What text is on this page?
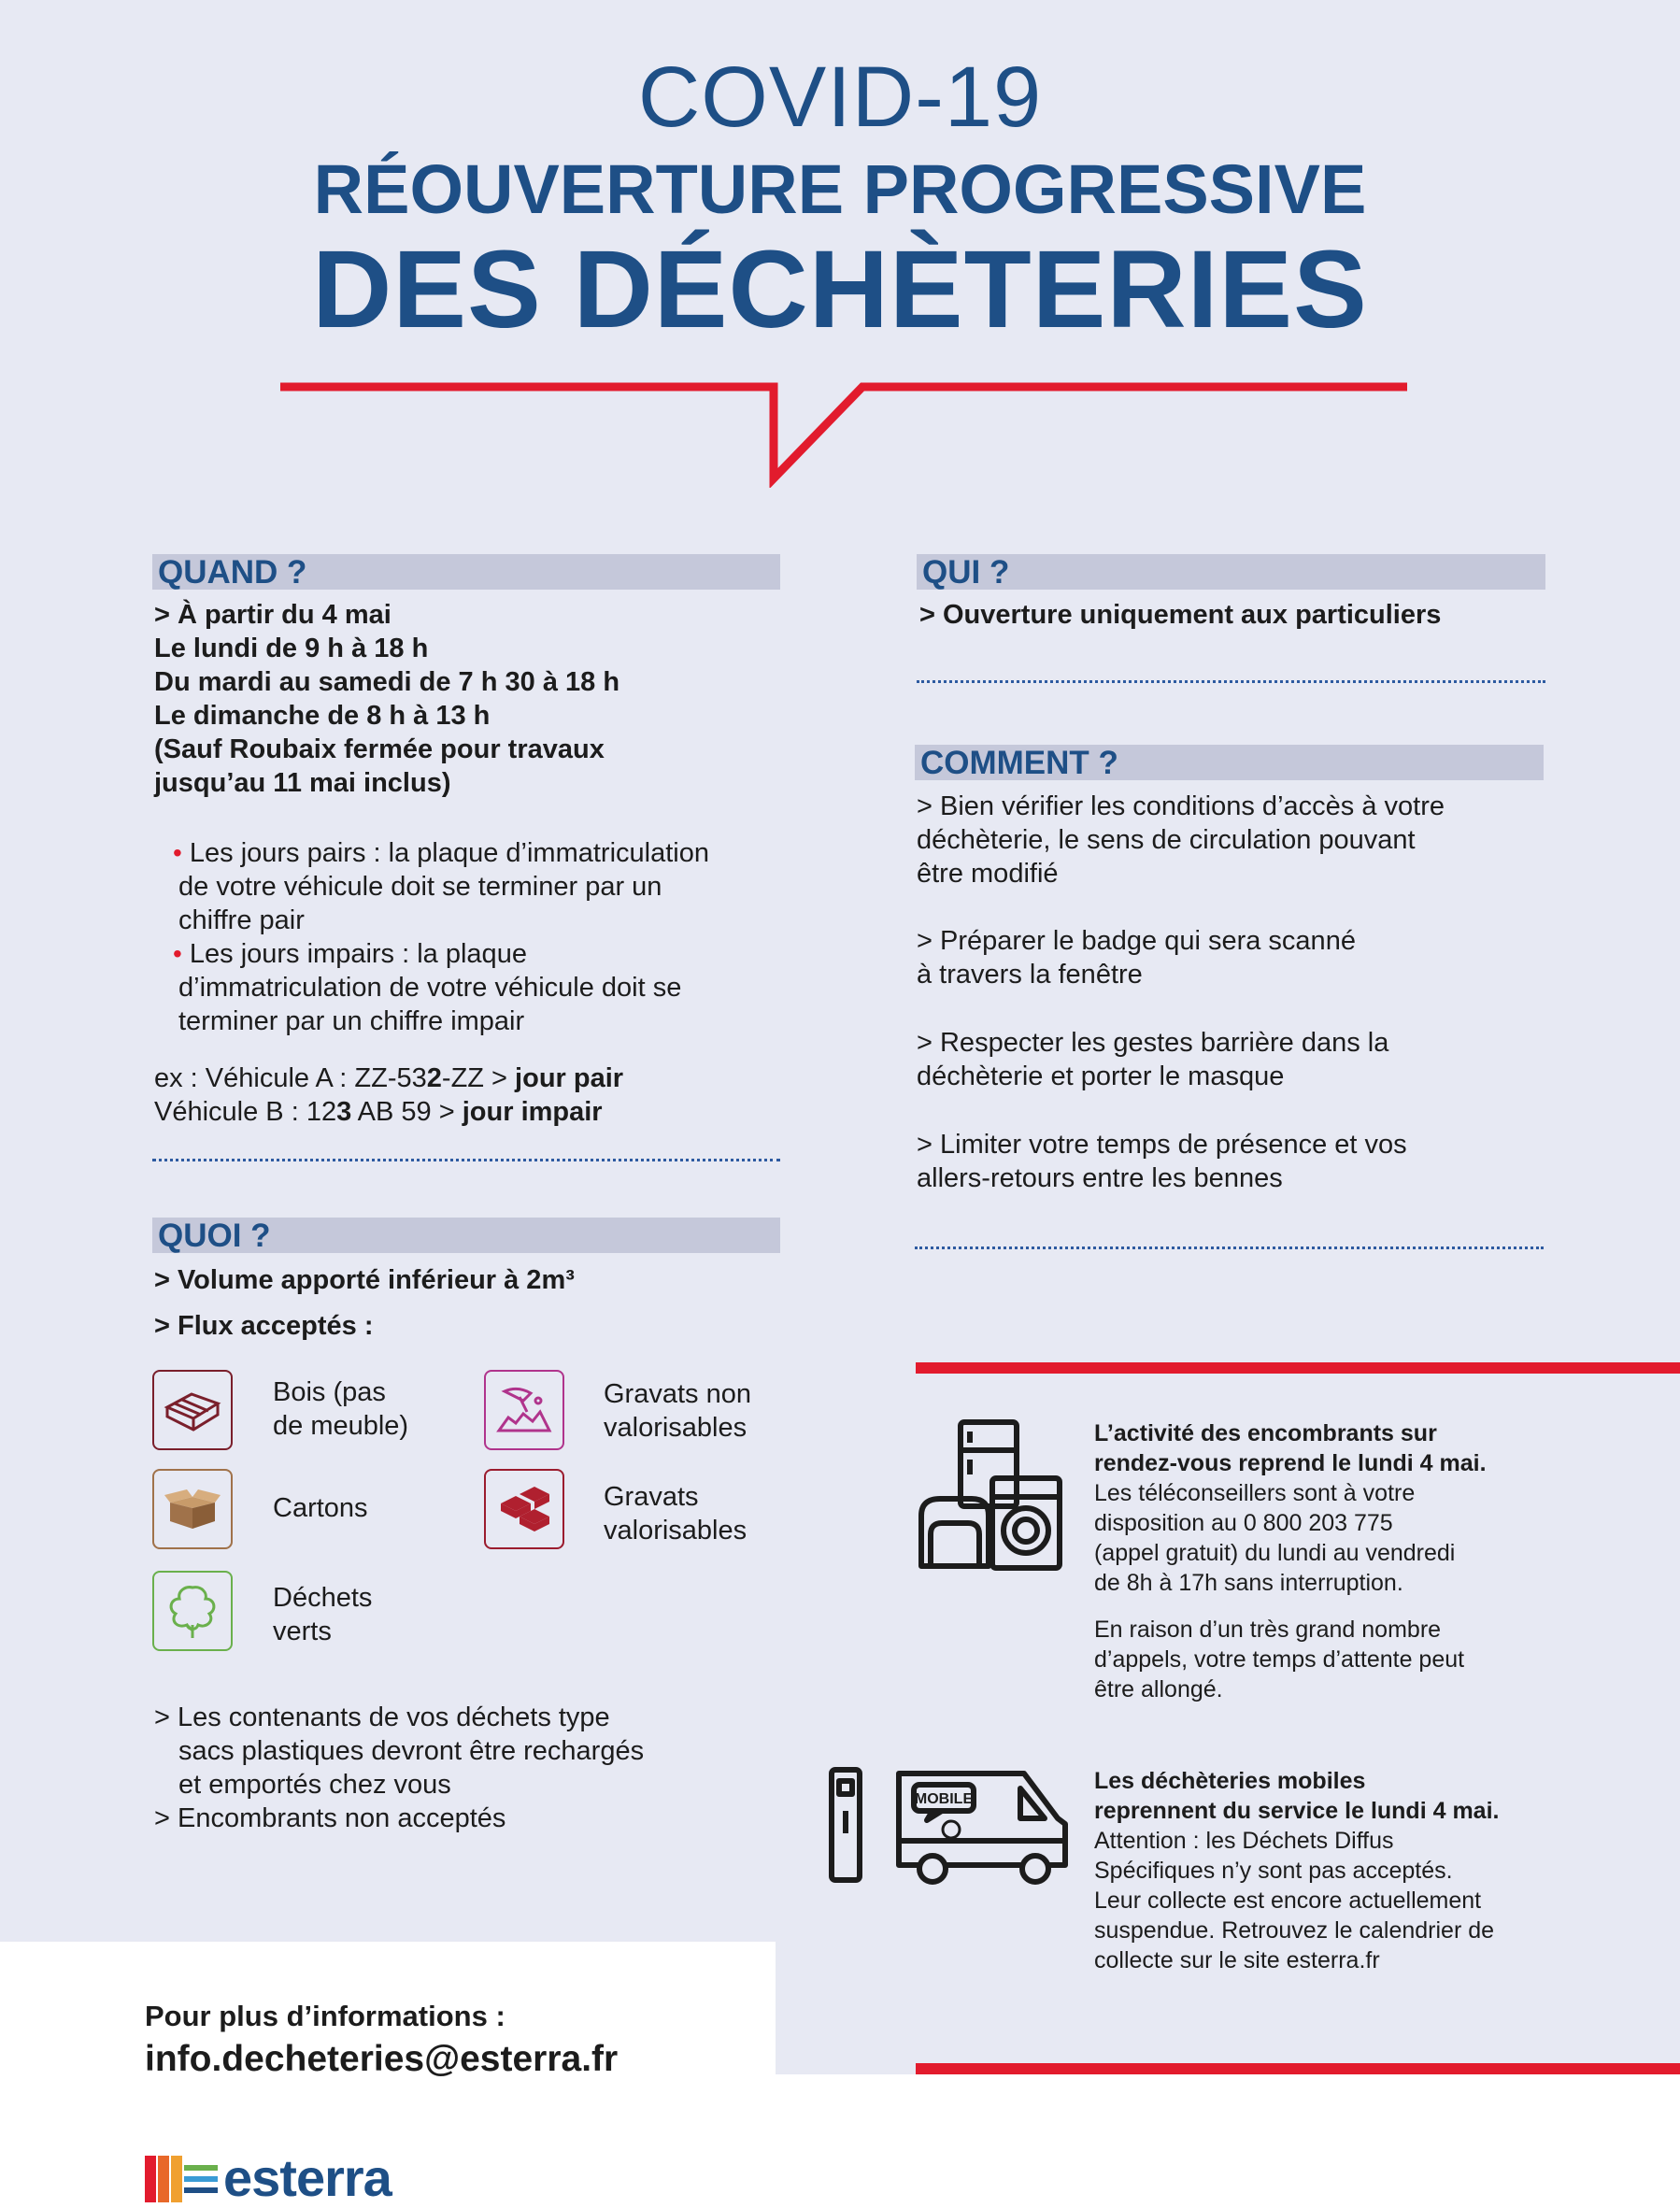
COVID-19
RÉOUVERTURE PROGRESSIVE
DES DÉCHÈTERIES
QUAND ?
> À partir du 4 mai
Le lundi de 9 h à 18 h
Du mardi au samedi de 7 h 30 à 18 h
Le dimanche de 8 h à 13 h
(Sauf Roubaix fermée pour travaux
jusqu’au 11 mai inclus)
• Les jours pairs : la plaque d’immatriculation
de votre véhicule doit se terminer par un
chiffre pair
• Les jours impairs : la plaque
d’immatriculation de votre véhicule doit se
terminer par un chiffre impair
ex : Véhicule A : ZZ-532-ZZ > jour pair
Véhicule B : 123 AB 59 > jour impair
QUOI ?
> Volume apporté inférieur à 2m³
> Flux acceptés :
Bois (pas
de meuble)
Gravats non
valorisables
Cartons	Gravats
valorisables
Déchets
verts
> Les contenants de vos déchets type
sacs plastiques devront être rechargés
et emportés chez vous
> Encombrants non acceptés
QUI ?
> Ouverture uniquement aux particuliers
COMMENT ?
> Bien vérifier les conditions d’accès à votre
déchèterie, le sens de circulation pouvant
être modifié
> Préparer le badge qui sera scanné
à travers la fenêtre
> Respecter les gestes barrière dans la
déchèterie et porter le masque
> Limiter votre temps de présence et vos
allers-retours entre les bennes
L’activité des encombrants sur
rendez-vous reprend le lundi 4 mai.
Les téléconseillers sont à votre
disposition au 0 800 203 775
(appel gratuit) du lundi au vendredi
de 8h à 17h sans interruption.
En raison d’un très grand nombre
d’appels, votre temps d’attente peut
être allongé.
MOBILE
Les déchèteries mobiles
reprennent du service le lundi 4 mai.
Attention : les Déchets Diffus
Spécifiques n’y sont pas acceptés.
Leur collecte est encore actuellement
suspendue. Retrouvez le calendrier de
collecte sur le site esterra.fr
Pour plus d’informations :
info.decheteries@esterra.fr
esterra
